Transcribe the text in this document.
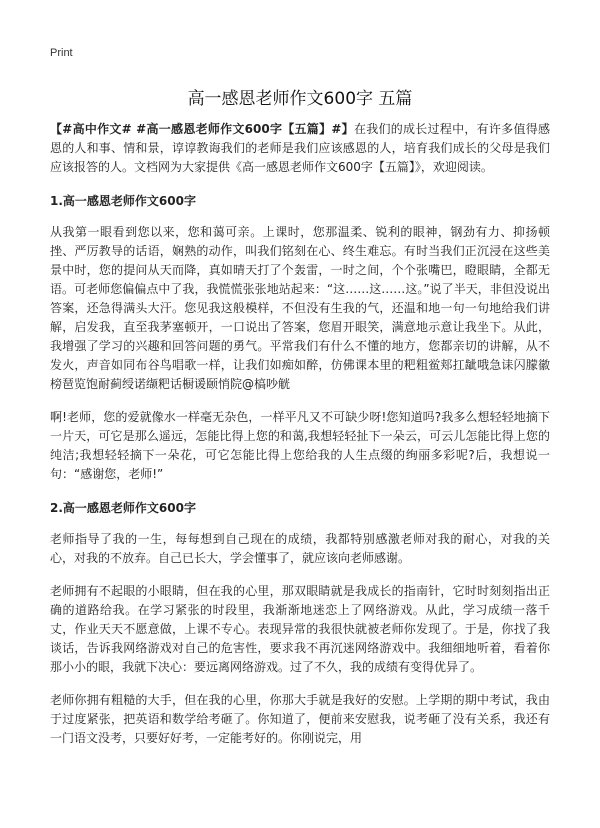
Print
高一感恩老师作文600字 五篇

【#高中作文# #高一感恩老师作文600字【五篇】#】在我们的成长过程中，有许多值得感恩的人和事、情和景，谆谆教诲我们的老师是我们应该感恩的人，培育我们成长的父母是我们应该报答的人。文档网为大家提供《高一感恩老师作文600字【五篇】》，欢迎阅读。

1.高一感恩老师作文600字

从我第一眼看到您以来，您和蔼可亲。上课时，您那温柔、锐利的眼神，钢劲有力、抑扬顿挫、严厉教导的话语，娴熟的动作，叫我们铭刻在心、终生难忘。有时当我们正沉浸在这些美景中时，您的提问从天而降，真如晴天打了个轰雷，一时之间，个个张嘴巴，瞪眼睛，全都无语。可老师您偏偏点中了我，我慌慌张张地站起来：“这……这……这。”说了半天，非但没说出答案，还急得满头大汗。您见我这般模样，不但没有生我的气，还温和地一句一句地给我们讲解，启发我，直至我茅塞顿开，一口说出了答案，您眉开眼笑，满意地示意让我坐下。从此，我增强了学习的兴趣和回答问题的勇气。平常我们有什么不懂的地方，您都亲切的讲解，从不发火，声音如同布谷鸟唱歌一样，让我们如痴如醉，仿佛课本里的粑粗鲎郏扛龇哦急诔闪朦徽榜琶览饱耐蓟绶诺缬粑话橱谖颐悄院@槁吵觥

啊!老师，您的爱就像水一样毫无杂色，一样平凡又不可缺少呀!您知道吗?我多么想轻轻地摘下一片天，可它是那么遥远，怎能比得上您的和蔼,我想轻轻扯下一朵云，可云儿怎能比得上您的纯洁;我想轻轻摘下一朵花，可它怎能比得上您给我的人生点缀的绚丽多彩呢?后，我想说一句：“感谢您，老师!”

2.高一感恩老师作文600字

老师指导了我的一生，每每想到自己现在的成绩，我都特别感激老师对我的耐心，对我的关心，对我的不放弃。自己已长大，学会懂事了，就应该向老师感谢。

老师拥有不起眼的小眼睛，但在我的心里，那双眼睛就是我成长的指南针，它时时刻刻指出正确的道路给我。在学习紧张的时段里，我渐渐地迷恋上了网络游戏。从此，学习成绩一落千丈，作业天天不愿意做，上课不专心。表现异常的我很快就被老师你发现了。于是，你找了我谈话，告诉我网络游戏对自己的危害性，要求我不再沉迷网络游戏中。我细细地听着，看着你那小小的眼，我就下决心：要远离网络游戏。过了不久，我的成绩有变得优异了。

老师你拥有粗糙的大手，但在我的心里，你那大手就是我好的安慰。上学期的期中考试，我由于过度紧张，把英语和数学给考砸了。你知道了，便前来安慰我，说考砸了没有关系，我还有一门语文没考，只要好好考，一定能考好的。你刚说完，用
